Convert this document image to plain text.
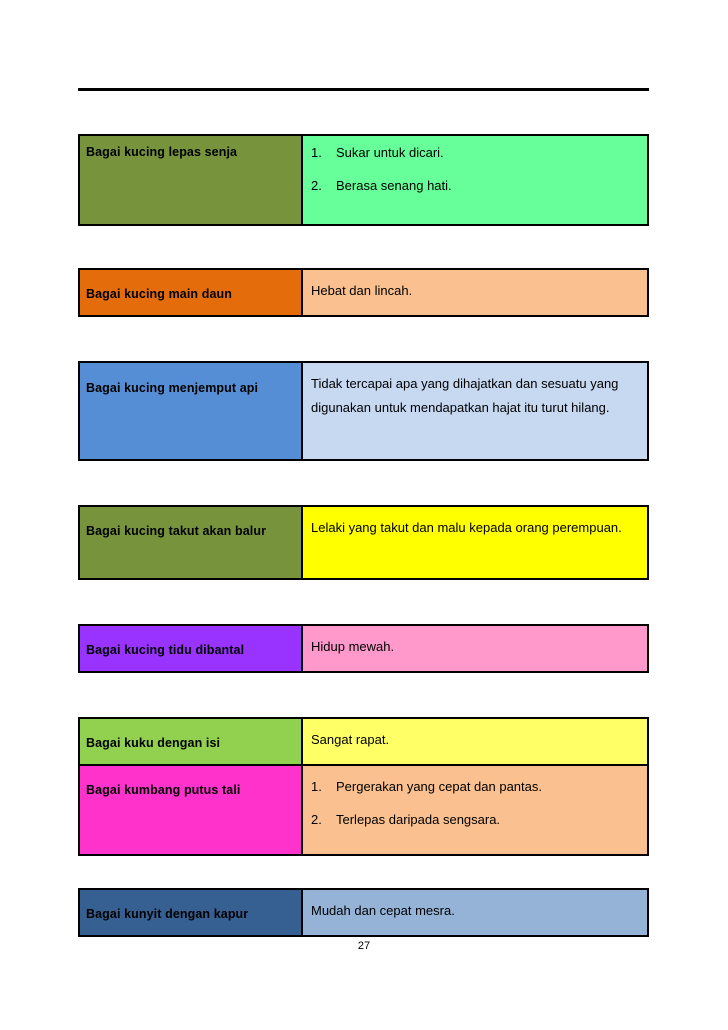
Bagai kucing lepas senja	1.	Sukar untuk dicari.
2.	Berasa senang hati.
Bagai kucing main daun	Hebat dan lincah.
Bagai kucing menjemput api	Tidak tercapai apa yang dihajatkan dan sesuatu yang digunakan untuk mendapatkan hajat itu turut hilang.
Bagai kucing takut akan balur	Lelaki yang takut dan malu kepada orang perempuan.
Bagai kucing tidu dibantal	Hidup mewah.
Bagai kuku dengan isi	Sangat rapat.
Bagai kumbang putus tali	1.	Pergerakan yang cepat dan pantas.
2.	Terlepas daripada sengsara.
Bagai kunyit dengan kapur	Mudah dan cepat mesra.
27
